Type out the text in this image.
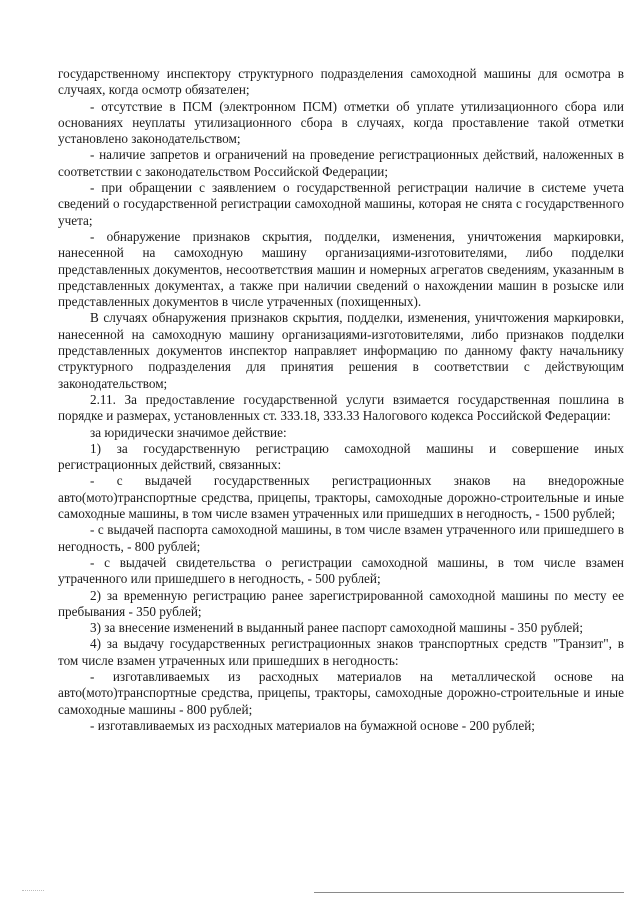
государственному инспектору структурного подразделения самоходной машины для осмотра в случаях, когда осмотр обязателен;

- отсутствие в ПСМ (электронном ПСМ) отметки об уплате утилизационного сбора или основаниях неуплаты утилизационного сбора в случаях, когда проставление такой отметки установлено законодательством;

- наличие запретов и ограничений на проведение регистрационных действий, наложенных в соответствии с законодательством Российской Федерации;

- при обращении с заявлением о государственной регистрации наличие в системе учета сведений о государственной регистрации самоходной машины, которая не снята с государственного учета;

- обнаружение признаков скрытия, подделки, изменения, уничтожения маркировки, нанесенной на самоходную машину организациями-изготовителями, либо подделки представленных документов, несоответствия машин и номерных агрегатов сведениям, указанным в представленных документах, а также при наличии сведений о нахождении машин в розыске или представленных документов в числе утраченных (похищенных).

В случаях обнаружения признаков скрытия, подделки, изменения, уничтожения маркировки, нанесенной на самоходную машину организациями-изготовителями, либо признаков подделки представленных документов инспектор направляет информацию по данному факту начальнику структурного подразделения для принятия решения в соответствии с действующим законодательством;

2.11. За предоставление государственной услуги взимается государственная пошлина в порядке и размерах, установленных ст. 333.18, 333.33 Налогового кодекса Российской Федерации:

за юридически значимое действие:

1) за государственную регистрацию самоходной машины и совершение иных регистрационных действий, связанных:

- с выдачей государственных регистрационных знаков на внедорожные авто(мото)транспортные средства, прицепы, тракторы, самоходные дорожно-строительные и иные самоходные машины, в том числе взамен утраченных или пришедших в негодность, - 1500 рублей;

- с выдачей паспорта самоходной машины, в том числе взамен утраченного или пришедшего в негодность, - 800 рублей;

- с выдачей свидетельства о регистрации самоходной машины, в том числе взамен утраченного или пришедшего в негодность, - 500 рублей;

2) за временную регистрацию ранее зарегистрированной самоходной машины по месту ее пребывания - 350 рублей;

3) за внесение изменений в выданный ранее паспорт самоходной машины - 350 рублей;

4) за выдачу государственных регистрационных знаков транспортных средств "Транзит", в том числе взамен утраченных или пришедших в негодность:

- изготавливаемых из расходных материалов на металлической основе на авто(мото)транспортные средства, прицепы, тракторы, самоходные дорожно-строительные и иные самоходные машины - 800 рублей;

- изготавливаемых из расходных материалов на бумажной основе - 200 рублей;
